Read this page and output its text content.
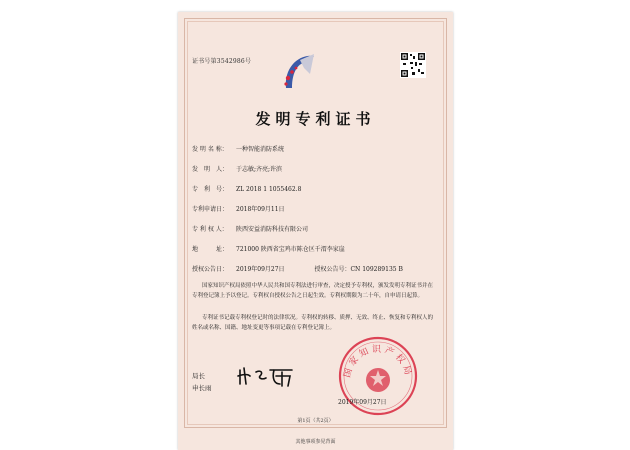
证书号第3542986号
发明专利证书
发 明 名 称： 一种智能消防系统
发　明　人： 于志敏;齐亮;许滨
专　利　号： ZL 2018 1 1055462.8
专利申请日： 2018年09月11日
专 利 权 人： 陕西安益消防科技有限公司
地　　　址： 721000 陕西省宝鸡市陈仓区千渭李家崖
授权公告日： 2019年09月27日	授权公告号：CN 109289135 B
国家知识产权局依照中华人民共和国专利法进行审查，决定授予专利权，颁发发明专利证书并在专利登记簿上予以登记。专利权自授权公告之日起生效。专利权期限为二十年，自申请日起算。
专利证书记载专利权登记时的法律状况。专利权的转移、质押、无效、终止、恢复和专利权人的姓名或名称、国籍、地址变更等事项记载在专利登记簿上。
局长
申长雨
国家知识产权局
2019年09月27日
第1页（共2页）
其他事项参见背面
